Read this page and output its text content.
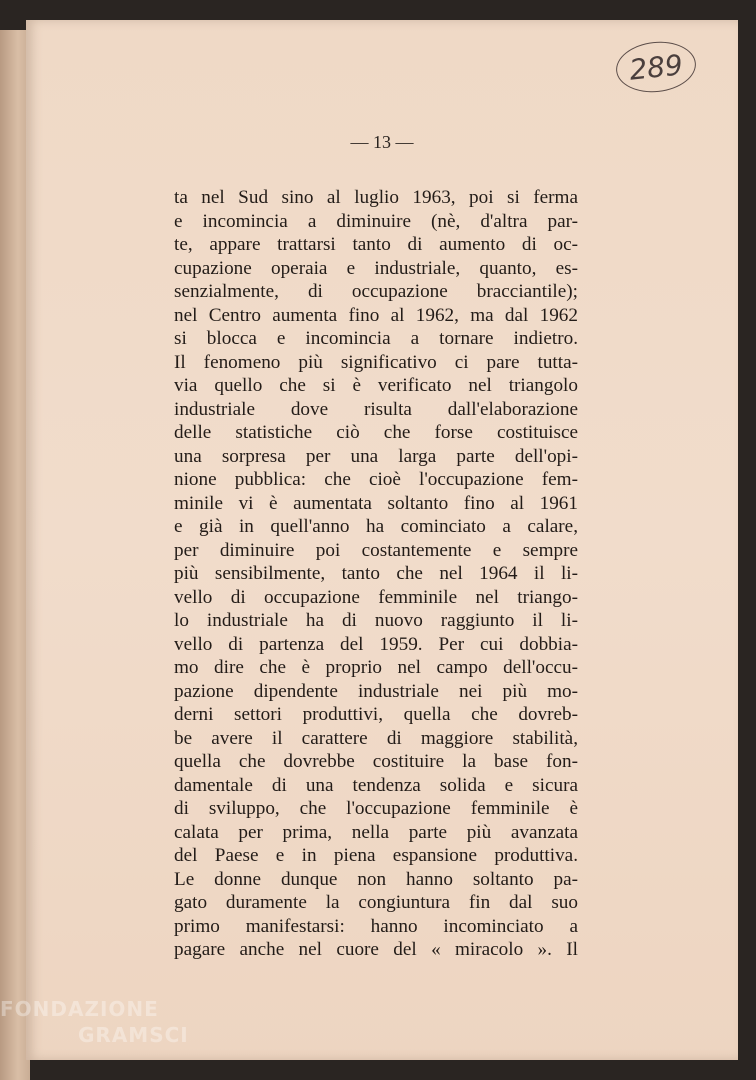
289
— 13 —
ta nel Sud sino al luglio 1963, poi si ferma
e incomincia a diminuire (nè, d'altra par-
te, appare trattarsi tanto di aumento di oc-
cupazione operaia e industriale, quanto, es-
senzialmente, di occupazione bracciantile);
nel Centro aumenta fino al 1962, ma dal 1962
si blocca e incomincia a tornare indietro.
Il fenomeno più significativo ci pare tutta-
via quello che si è verificato nel triangolo
industriale dove risulta dall'elaborazione
delle statistiche ciò che forse costituisce
una sorpresa per una larga parte dell'opi-
nione pubblica: che cioè l'occupazione fem-
minile vi è aumentata soltanto fino al 1961
e già in quell'anno ha cominciato a calare,
per diminuire poi costantemente e sempre
più sensibilmente, tanto che nel 1964 il li-
vello di occupazione femminile nel triango-
lo industriale ha di nuovo raggiunto il li-
vello di partenza del 1959. Per cui dobbia-
mo dire che è proprio nel campo dell'occu-
pazione dipendente industriale nei più mo-
derni settori produttivi, quella che dovreb-
be avere il carattere di maggiore stabilità,
quella che dovrebbe costituire la base fon-
damentale di una tendenza solida e sicura
di sviluppo, che l'occupazione femminile è
calata per prima, nella parte più avanzata
del Paese e in piena espansione produttiva.
Le donne dunque non hanno soltanto pa-
gato duramente la congiuntura fin dal suo
primo manifestarsi: hanno incominciato a
pagare anche nel cuore del « miracolo ». Il
FONDAZIONE
GRAMSCI
